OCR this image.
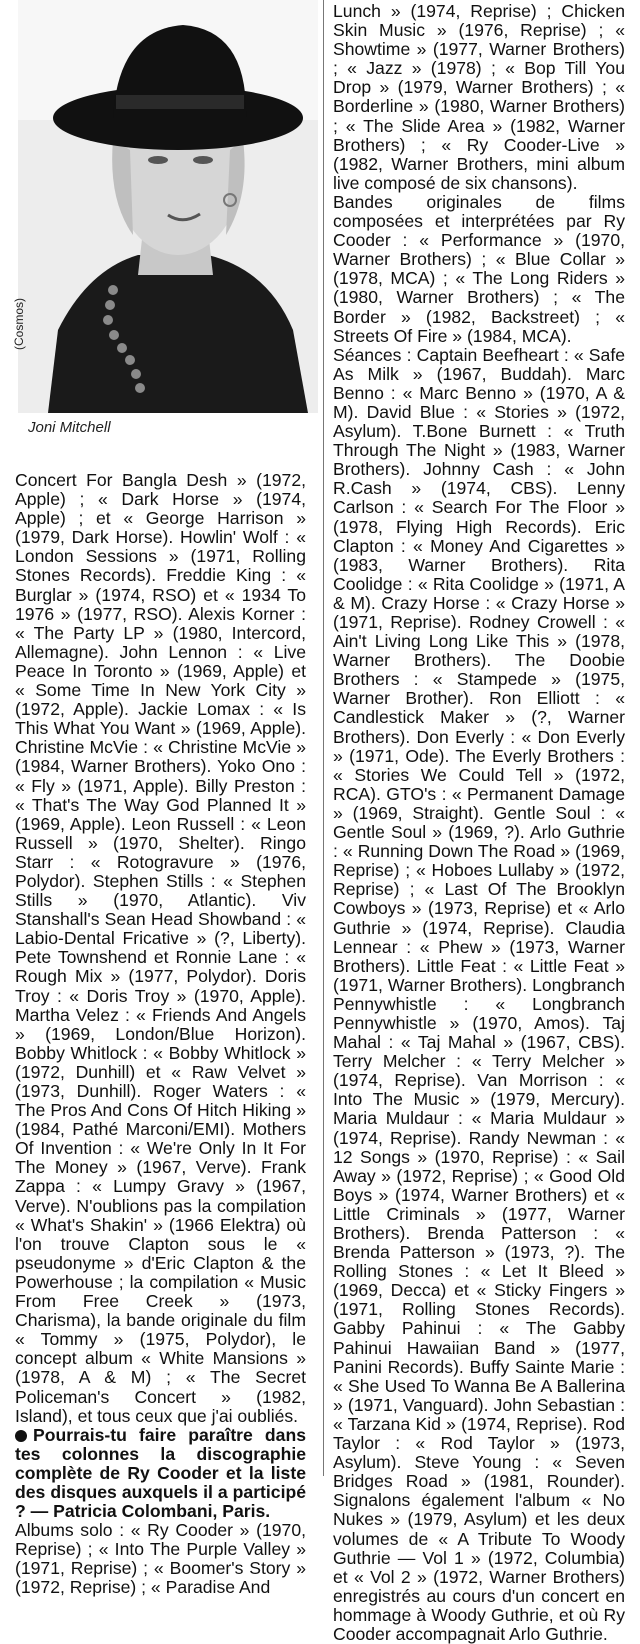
(Cosmos)
Joni Mitchell

Concert For Bangla Desh » (1972, Apple) ; « Dark Horse » (1974, Apple) ; et « George Harrison » (1979, Dark Horse). Howlin' Wolf : « London Sessions » (1971, Rolling Stones Records). Freddie King : « Burglar » (1974, RSO) et « 1934 To 1976 » (1977, RSO). Alexis Korner : « The Party LP » (1980, Intercord, Allemagne). John Lennon : « Live Peace In Toronto » (1969, Apple) et « Some Time In New York City » (1972, Apple). Jackie Lomax : « Is This What You Want » (1969, Apple). Christine McVie : « Christine McVie » (1984, Warner Brothers). Yoko Ono : « Fly » (1971, Apple). Billy Preston : « That's The Way God Planned It » (1969, Apple). Leon Russell : « Leon Russell » (1970, Shelter). Ringo Starr : « Rotogravure » (1976, Polydor). Stephen Stills : « Stephen Stills » (1970, Atlantic). Viv Stanshall's Sean Head Showband : « Labio-Dental Fricative » (?, Liberty). Pete Townshend et Ronnie Lane : « Rough Mix » (1977, Polydor). Doris Troy : « Doris Troy » (1970, Apple). Martha Velez : « Friends And Angels » (1969, London/Blue Horizon). Bobby Whitlock : « Bobby Whitlock » (1972, Dunhill) et « Raw Velvet » (1973, Dunhill). Roger Waters : « The Pros And Cons Of Hitch Hiking » (1984, Pathé Marconi/EMI). Mothers Of Invention : « We're Only In It For The Money » (1967, Verve). Frank Zappa : « Lumpy Gravy » (1967, Verve). N'oublions pas la compilation « What's Shakin' » (1966 Elektra) où l'on trouve Clapton sous le « pseudonyme » d'Eric Clapton & the Powerhouse ; la compilation « Music From Free Creek » (1973, Charisma), la bande originale du film « Tommy » (1975, Polydor), le concept album « White Mansions » (1978, A & M) ; « The Secret Policeman's Concert » (1982, Island), et tous ceux que j'ai oubliés.

Pourrais-tu faire paraître dans tes colonnes la discographie complète de Ry Cooder et la liste des disques auxquels il a participé ? — Patricia Colombani, Paris.

Albums solo : « Ry Cooder » (1970, Reprise) ; « Into The Purple Valley » (1971, Reprise) ; « Boomer's Story » (1972, Reprise) ; « Paradise And

Lunch » (1974, Reprise) ; Chicken Skin Music » (1976, Reprise) ; « Showtime » (1977, Warner Brothers) ; « Jazz » (1978) ; « Bop Till You Drop » (1979, Warner Brothers) ; « Borderline » (1980, Warner Brothers) ; « The Slide Area » (1982, Warner Brothers) ; « Ry Cooder-Live » (1982, Warner Brothers, mini album live composé de six chansons).

Bandes originales de films composées et interprétées par Ry Cooder : « Performance » (1970, Warner Brothers) ; « Blue Collar » (1978, MCA) ; « The Long Riders » (1980, Warner Brothers) ; « The Border » (1982, Backstreet) ; « Streets Of Fire » (1984, MCA).

Séances : Captain Beefheart : « Safe As Milk » (1967, Buddah). Marc Benno : « Marc Benno » (1970, A & M). David Blue : « Stories » (1972, Asylum). T.Bone Burnett : « Truth Through The Night » (1983, Warner Brothers). Johnny Cash : « John R.Cash » (1974, CBS). Lenny Carlson : « Search For The Floor » (1978, Flying High Records). Eric Clapton : « Money And Cigarettes » (1983, Warner Brothers). Rita Coolidge : « Rita Coolidge » (1971, A & M). Crazy Horse : « Crazy Horse » (1971, Reprise). Rodney Crowell : « Ain't Living Long Like This » (1978, Warner Brothers). The Doobie Brothers : « Stampede » (1975, Warner Brother). Ron Elliott : « Candlestick Maker » (?, Warner Brothers). Don Everly : « Don Everly » (1971, Ode). The Everly Brothers : « Stories We Could Tell » (1972, RCA). GTO's : « Permanent Damage » (1969, Straight). Gentle Soul : « Gentle Soul » (1969, ?). Arlo Guthrie : « Running Down The Road » (1969, Reprise) ; « Hoboes Lullaby » (1972, Reprise) ; « Last Of The Brooklyn Cowboys » (1973, Reprise) et « Arlo Guthrie » (1974, Reprise). Claudia Lennear : « Phew » (1973, Warner Brothers). Little Feat : « Little Feat » (1971, Warner Brothers). Longbranch Pennywhistle : « Longbranch Pennywhistle » (1970, Amos). Taj Mahal : « Taj Mahal » (1967, CBS). Terry Melcher : « Terry Melcher » (1974, Reprise). Van Morrison : « Into The Music » (1979, Mercury). Maria Muldaur : « Maria Muldaur » (1974, Reprise). Randy Newman : « 12 Songs » (1970, Reprise) : « Sail Away » (1972, Reprise) ; « Good Old Boys » (1974, Warner Brothers) et « Little Criminals » (1977, Warner Brothers). Brenda Patterson : « Brenda Patterson » (1973, ?). The Rolling Stones : « Let It Bleed » (1969, Decca) et « Sticky Fingers » (1971, Rolling Stones Records). Gabby Pahinui : « The Gabby Pahinui Hawaiian Band » (1977, Panini Records). Buffy Sainte Marie : « She Used To Wanna Be A Ballerina » (1971, Vanguard). John Sebastian : « Tarzana Kid » (1974, Reprise). Rod Taylor : « Rod Taylor » (1973, Asylum). Steve Young : « Seven Bridges Road » (1981, Rounder). Signalons également l'album « No Nukes » (1979, Asylum) et les deux volumes de « A Tribute To Woody Guthrie — Vol 1 » (1972, Columbia) et « Vol 2 » (1972, Warner Brothers) enregistrés au cours d'un concert en hommage à Woody Guthrie, et où Ry Cooder accompagnait Arlo Guthrie.
